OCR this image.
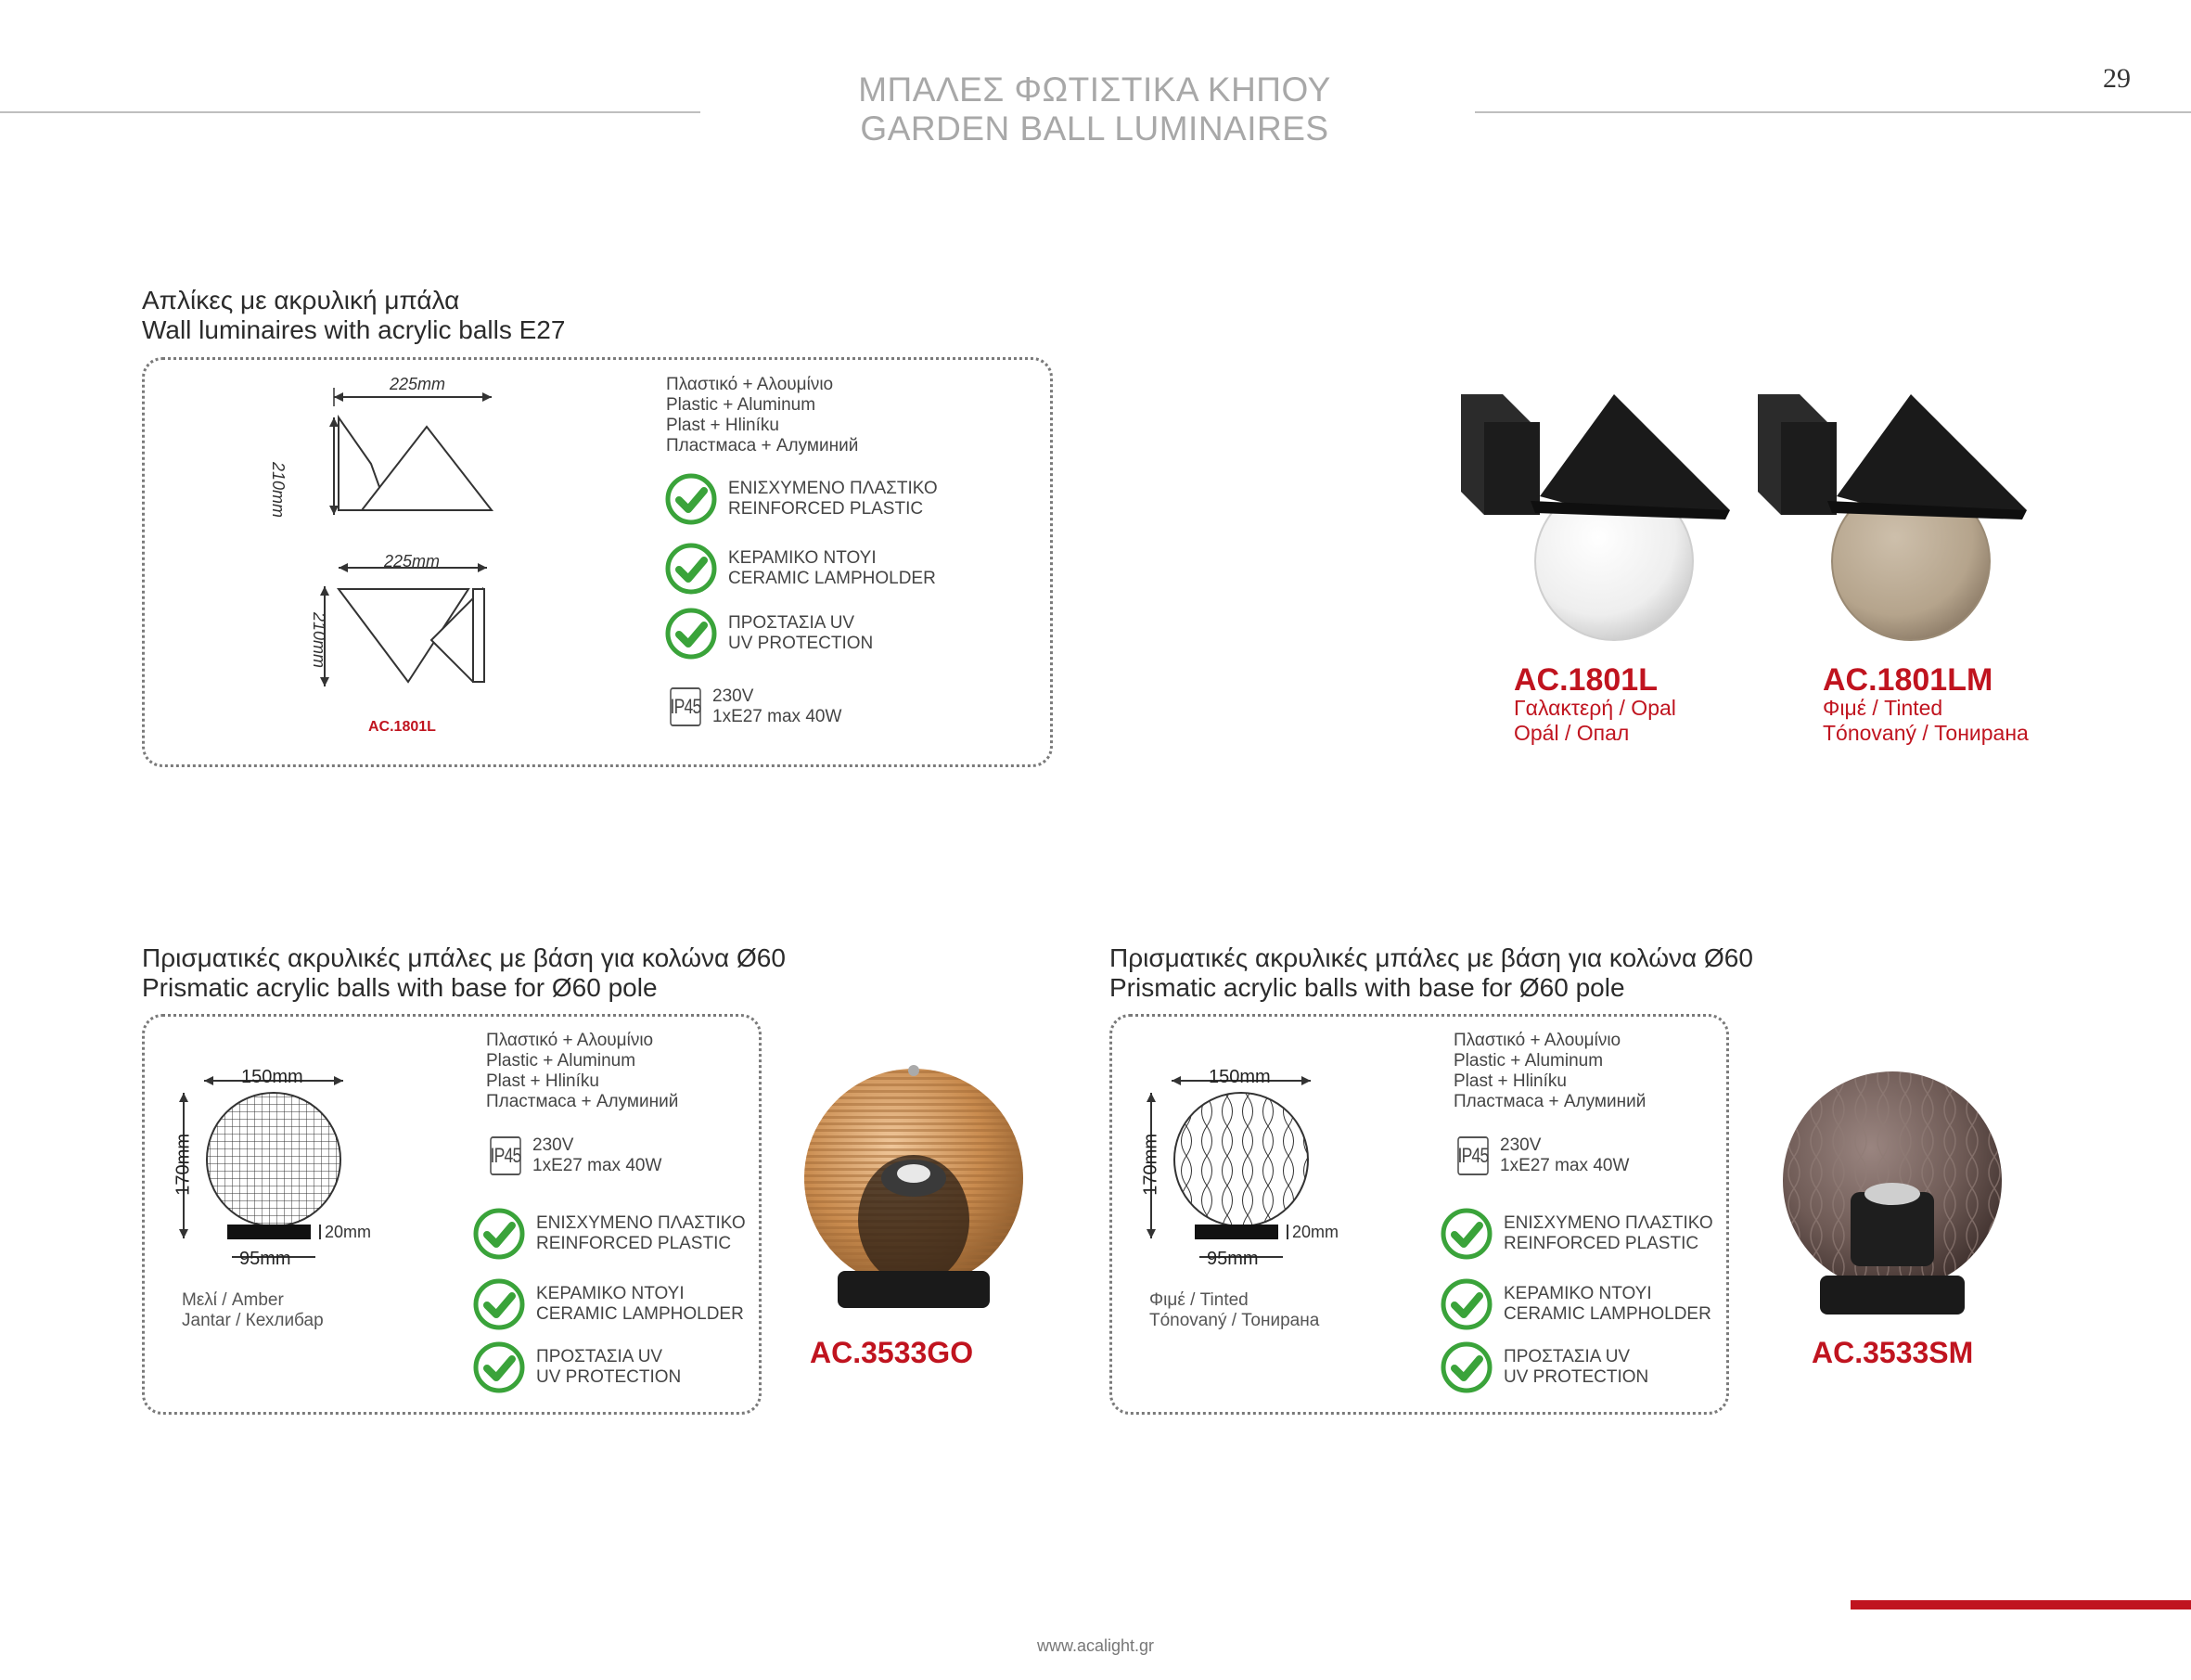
ΜΠΑΛΕΣ ΦΩΤΙΣΤΙΚΑ ΚΗΠΟΥ
GARDEN BALL LUMINAIRES
29
Απλίκες με ακρυλική μπάλα
Wall luminaires with acrylic balls E27
225mm
210mm
225mm
210mm
AC.1801L
Πλαστικό + Αλουμίνιο
Plastic + Aluminum
Plast + Hliníku
Пластмаса + Алуминий
ΕΝΙΣΧΥΜΕΝΟ ΠΛΑΣΤΙΚΟ
REINFORCED PLASTIC
ΚΕΡΑΜΙΚΟ ΝΤΟΥΙ
CERAMIC LAMPHOLDER
ΠΡΟΣΤΑΣΙΑ UV
UV PROTECTION
IP45 230V
1xE27 max 40W
AC.1801L
Γαλακτερή / Opal
Opál / Опал
AC.1801LM
Φιμέ / Tinted
Tónovaný / Тонирана
Πρισματικές ακρυλικές μπάλες με βάση για κολώνα Ø60
Prismatic acrylic balls with base for Ø60 pole
150mm
170mm
20mm
95mm
Μελί / Amber
Jantar / Кехлибар
Πλαστικό + Αλουμίνιο
Plastic + Aluminum
Plast + Hliníku
Пластмаса + Алуминий
IP45 230V
1xE27 max 40W
ΕΝΙΣΧΥΜΕΝΟ ΠΛΑΣΤΙΚΟ
REINFORCED PLASTIC
ΚΕΡΑΜΙΚΟ ΝΤΟΥΙ
CERAMIC LAMPHOLDER
ΠΡΟΣΤΑΣΙΑ UV
UV PROTECTION
AC.3533GO
Πρισματικές ακρυλικές μπάλες με βάση για κολώνα Ø60
Prismatic acrylic balls with base for Ø60 pole
150mm
170mm
20mm
95mm
Φιμέ / Tinted
Tónovaný / Тонирана
Πλαστικό + Αλουμίνιο
Plastic + Aluminum
Plast + Hliníku
Пластмаса + Алуминий
IP45 230V
1xE27 max 40W
ΕΝΙΣΧΥΜΕΝΟ ΠΛΑΣΤΙΚΟ
REINFORCED PLASTIC
ΚΕΡΑΜΙΚΟ ΝΤΟΥΙ
CERAMIC LAMPHOLDER
ΠΡΟΣΤΑΣΙΑ UV
UV PROTECTION
AC.3533SM
www.acalight.gr
